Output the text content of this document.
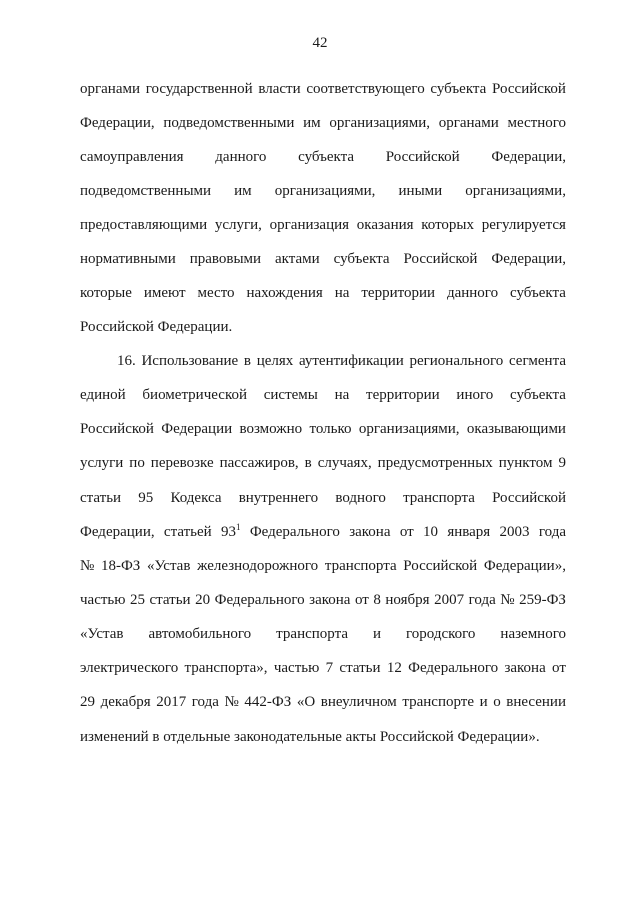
42
органами государственной власти соответствующего субъекта Российской
Федерации, подведомственными им организациями, органами местного
самоуправления данного субъекта Российской Федерации,
подведомственными им организациями, иными организациями,
предоставляющими услуги, организация оказания которых регулируется
нормативными правовыми актами субъекта Российской Федерации,
которые имеют место нахождения на территории данного субъекта
Российской Федерации.
16. Использование в целях аутентификации регионального сегмента
единой биометрической системы на территории иного субъекта
Российской Федерации возможно только организациями, оказывающими
услуги по перевозке пассажиров, в случаях, предусмотренных пунктом 9
статьи 95 Кодекса внутреннего водного транспорта Российской
Федерации, статьей $93^1$ Федерального закона от 10 января 2003 года
№ 18-ФЗ «Устав железнодорожного транспорта Российской Федерации»,
частью 25 статьи 20 Федерального закона от 8 ноября 2007 года № 259-ФЗ
«Устав автомобильного транспорта и городского наземного
электрического транспорта», частью 7 статьи 12 Федерального закона от
29 декабря 2017 года № 442-ФЗ «О внеуличном транспорте и о внесении
изменений в отдельные законодательные акты Российской Федерации».
